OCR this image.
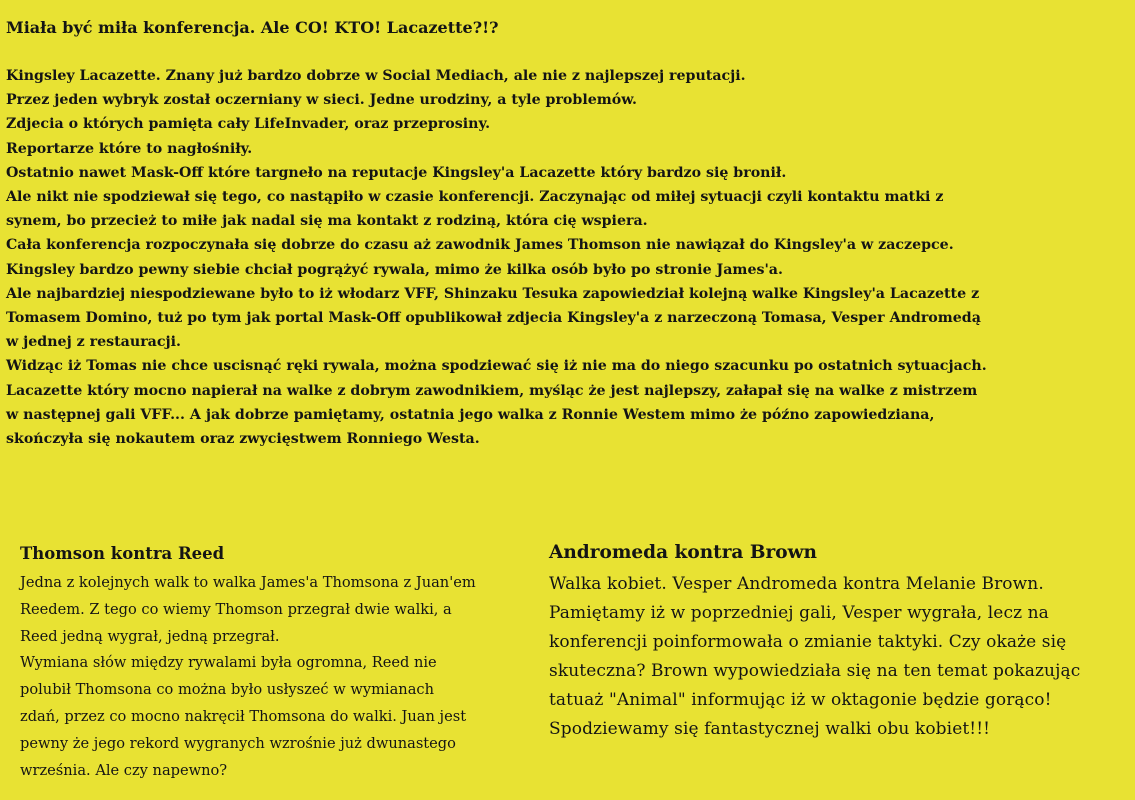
Miała być miła konferencja. Ale CO! KTO! Lacazette?!?
Kingsley Lacazette. Znany już bardzo dobrze w Social Mediach, ale nie z najlepszej reputacji.
Przez jeden wybryk został oczerniany w sieci. Jedne urodziny, a tyle problemów.
Zdjecia o których pamięta cały LifeInvader, oraz przeprosiny.
Reportarze które to nagłośniły.
Ostatnio nawet Mask-Off które targneło na reputacje Kingsley'a Lacazette który bardzo się bronił.
Ale nikt nie spodziewał się tego, co nastąpiło w czasie konferencji. Zaczynając od miłej sytuacji czyli kontaktu matki z
synem, bo przecież to miłe jak nadal się ma kontakt z rodziną, która cię wspiera.
Cała konferencja rozpoczynała się dobrze do czasu aż zawodnik James Thomson nie nawiązał do Kingsley'a w zaczepce.
Kingsley bardzo pewny siebie chciał pogrążyć rywala, mimo że kilka osób było po stronie James'a.
Ale najbardziej niespodziewane było to iż włodarz VFF, Shinzaku Tesuka zapowiedział kolejną walke Kingsley'a Lacazette z
Tomasem Domino, tuż po tym jak portal Mask-Off opublikował zdjecia Kingsley'a z narzeczoną Tomasa, Vesper Andromedą
w jednej z restauracji.
Widząc iż Tomas nie chce uscisnąć ręki rywala, można spodziewać się iż nie ma do niego szacunku po ostatnich sytuacjach.
Lacazette który mocno napierał na walke z dobrym zawodnikiem, myśląc że jest najlepszy, załapał się na walke z mistrzem
w następnej gali VFF... A jak dobrze pamiętamy, ostatnia jego walka z Ronnie Westem mimo że późno zapowiedziana,
skończyła się nokautem oraz zwycięstwem Ronniego Westa.
Thomson kontra Reed
Jedna z kolejnych walk to walka James'a Thomsona z Juan'em
Reedem. Z tego co wiemy Thomson przegrał dwie walki, a
Reed jedną wygrał, jedną przegrał.
Wymiana słów między rywalami była ogromna, Reed nie
polubił Thomsona co można było usłyszeć w wymianach
zdań, przez co mocno nakręcił Thomsona do walki. Juan jest
pewny że jego rekord wygranych wzrośnie już dwunastego
września. Ale czy napewno?
Andromeda kontra Brown
Walka kobiet. Vesper Andromeda kontra Melanie Brown.
Pamiętamy iż w poprzedniej gali, Vesper wygrała, lecz na
konferencji poinformowała o zmianie taktyki. Czy okaże się
skuteczna? Brown wypowiedziała się na ten temat pokazując
tatuaż "Animal" informując iż w oktagonie będzie gorąco!
Spodziewamy się fantastycznej walki obu kobiet!!!
